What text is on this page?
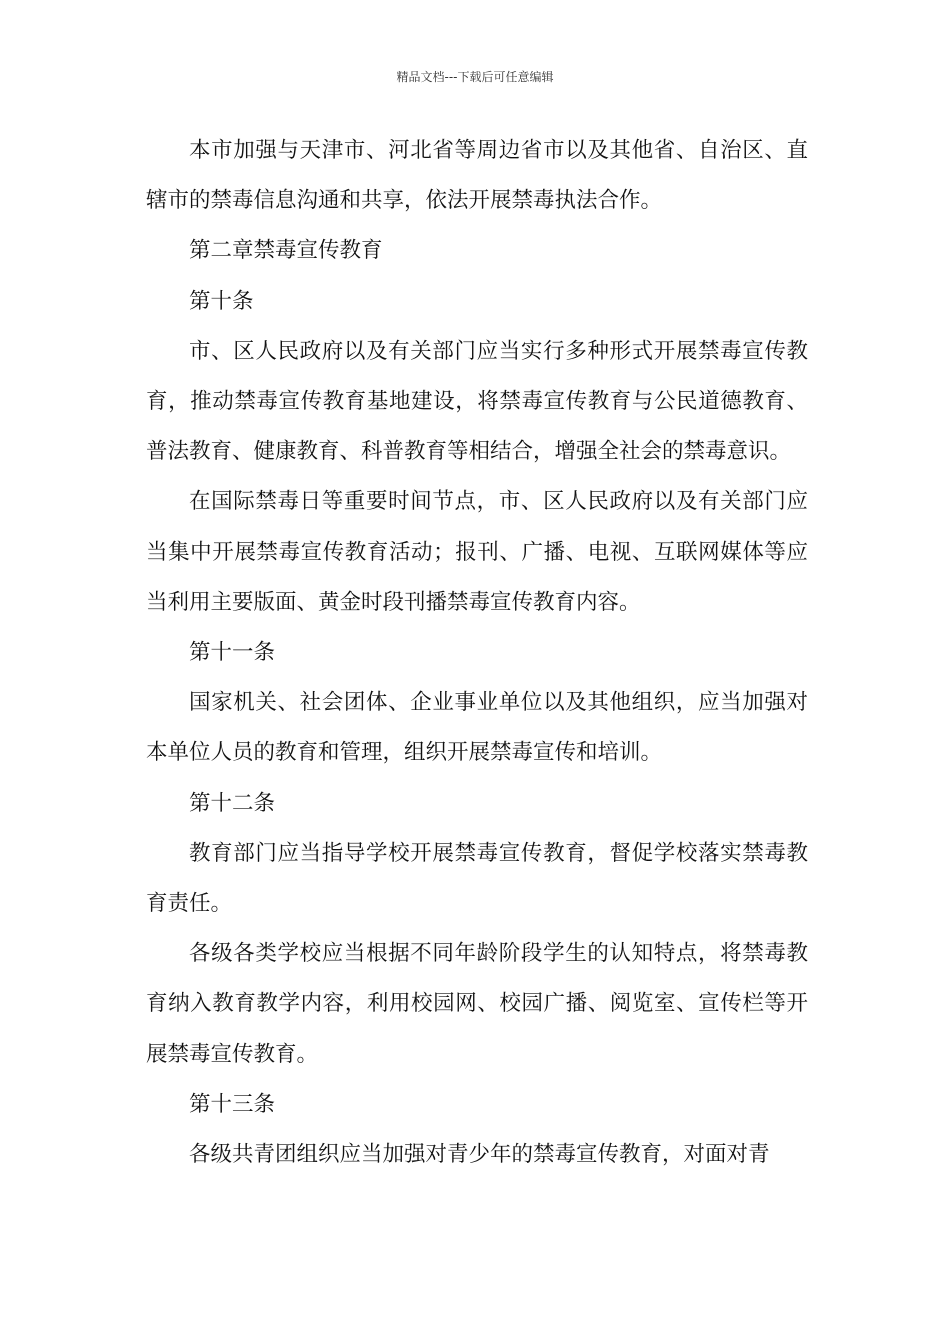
精品文档---下载后可任意编辑

本市加强与天津市、河北省等周边省市以及其他省、自治区、直辖市的禁毒信息沟通和共享，依法开展禁毒执法合作。

第二章禁毒宣传教育

第十条

市、区人民政府以及有关部门应当实行多种形式开展禁毒宣传教育，推动禁毒宣传教育基地建设，将禁毒宣传教育与公民道德教育、普法教育、健康教育、科普教育等相结合，增强全社会的禁毒意识。

在国际禁毒日等重要时间节点，市、区人民政府以及有关部门应当集中开展禁毒宣传教育活动；报刊、广播、电视、互联网媒体等应当利用主要版面、黄金时段刊播禁毒宣传教育内容。

第十一条

国家机关、社会团体、企业事业单位以及其他组织，应当加强对本单位人员的教育和管理，组织开展禁毒宣传和培训。

第十二条

教育部门应当指导学校开展禁毒宣传教育，督促学校落实禁毒教育责任。

各级各类学校应当根据不同年龄阶段学生的认知特点，将禁毒教育纳入教育教学内容，利用校园网、校园广播、阅览室、宣传栏等开展禁毒宣传教育。

第十三条

各级共青团组织应当加强对青少年的禁毒宣传教育，对面对青
